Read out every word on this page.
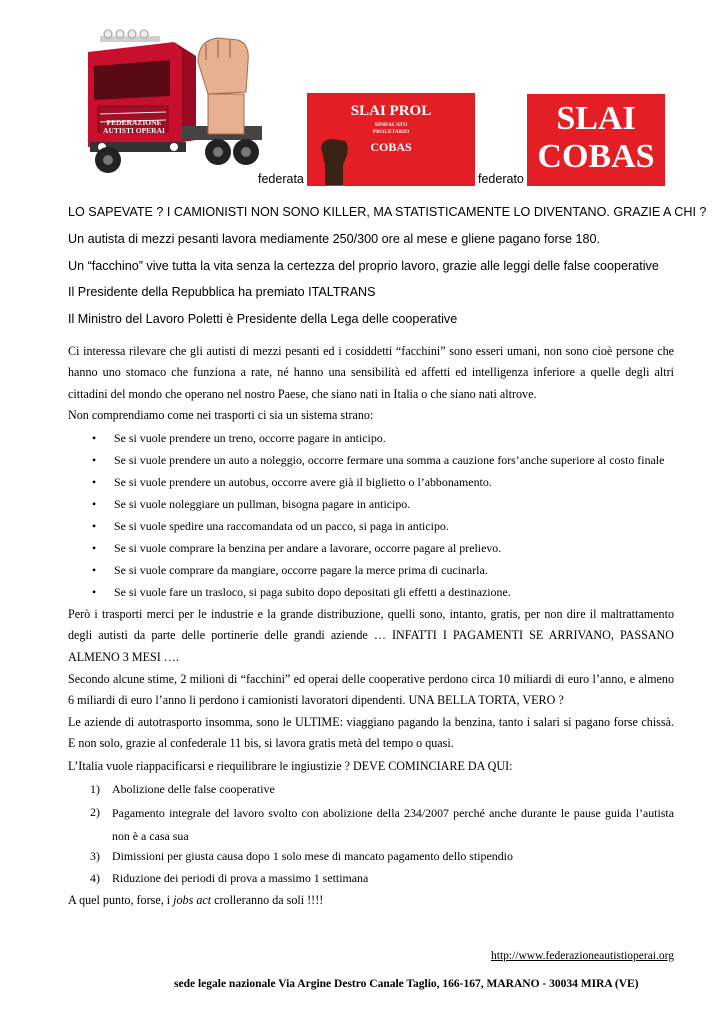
FEDERAZIONE AUTISTI OPERAI
federata
SLAI PROL
SINDACATO
PROLETARIO
COBAS
federato
SLAI
COBAS
LO SAPEVATE ? I CAMIONISTI NON SONO KILLER, MA STATISTICAMENTE LO DIVENTANO. GRAZIE A CHI ?
Un autista di mezzi pesanti lavora mediamente 250/300 ore al mese e gliene pagano forse 180.
Un “facchino” vive tutta la vita senza la certezza del proprio lavoro, grazie alle leggi delle false cooperative
Il Presidente della Repubblica ha premiato ITALTRANS
Il Ministro del Lavoro Poletti è Presidente della Lega delle cooperative
Ci interessa rilevare che gli autisti di mezzi pesanti ed i cosiddetti “facchini” sono esseri umani, non sono cioè persone che hanno uno stomaco che funziona a rate, né hanno una sensibilità ed affetti ed intelligenza inferiore a quelle degli altri cittadini del mondo che operano nel nostro Paese, che siano nati in Italia o che siano nati altrove.
Non comprendiamo come nei trasporti ci sia un sistema strano:
• Se si vuole prendere un treno, occorre pagare in anticipo.
• Se si vuole prendere un auto a noleggio, occorre fermare una somma a cauzione fors’anche superiore al costo finale
• Se si vuole prendere un autobus, occorre avere già il biglietto o l’abbonamento.
• Se si vuole noleggiare un pullman, bisogna pagare in anticipo.
• Se si vuole spedire una raccomandata od un pacco, si paga in anticipo.
• Se si vuole comprare la benzina per andare a lavorare, occorre pagare al prelievo.
• Se si vuole comprare da mangiare, occorre pagare la merce prima di cucinarla.
• Se si vuole fare un trasloco, si paga subito dopo depositati gli effetti a destinazione.
Però i trasporti merci per le industrie e la grande distribuzione, quelli sono, intanto, gratis, per non dire il maltrattamento degli autisti da parte delle portinerie delle grandi aziende … INFATTI I PAGAMENTI SE ARRIVANO, PASSANO ALMENO 3 MESI ….
Secondo alcune stime, 2 milioni di “facchini” ed operai delle cooperative perdono circa 10 miliardi di euro l’anno, e almeno 6 miliardi di euro l’anno li perdono i camionisti lavoratori dipendenti. UNA BELLA TORTA, VERO ?
Le aziende di autotrasporto insomma, sono le ULTIME: viaggiano pagando la benzina, tanto i salari si pagano forse chissà. E non solo, grazie al confederale 11 bis, si lavora gratis metà del tempo o quasi.
L’Italia vuole riappacificarsi e riequilibrare le ingiustizie ? DEVE COMINCIARE DA QUI:
1) Abolizione delle false cooperative
2)	Pagamento integrale del lavoro svolto con abolizione della 234/2007 perché anche durante le pause guida l’autista non è a casa sua
3) Dimissioni per giusta causa dopo 1 solo mese di mancato pagamento dello stipendio
4) Riduzione dei periodi di prova a massimo 1 settimana
A quel punto, forse, i jobs act crolleranno da soli !!!!
http://www.federazioneautistioperai.org
sede legale nazionale Via Argine Destro Canale Taglio, 166-167, MARANO - 30034 MIRA (VE)
